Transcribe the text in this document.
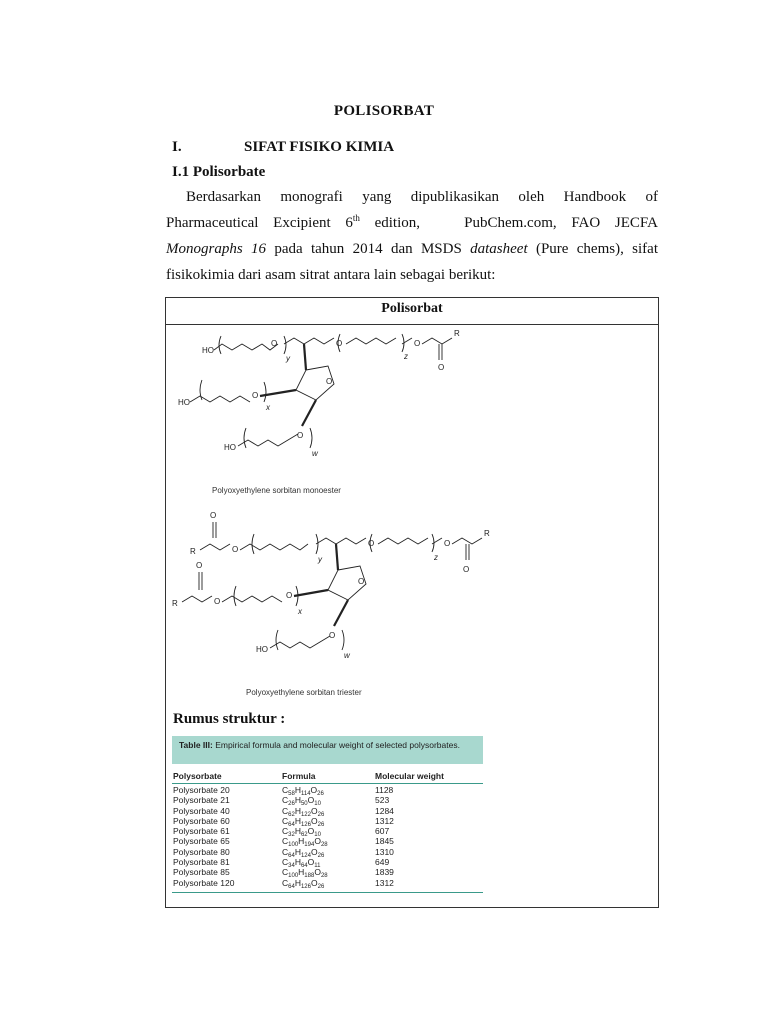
POLISORBAT
I.	SIFAT FISIKO KIMIA
I.1 Polisorbate
Berdasarkan monografi yang dipublikasikan oleh Handbook of
Pharmaceutical Excipient 6th edition,   PubChem.com, FAO JECFA
Monographs 16 pada tahun 2014 dan MSDS datasheet (Pure chems), sifat
fisikokimia dari asam sitrat antara lain sebagai berikut:
Polisorbat
HO
O
y
O
z
O
R
O
O
HO
O
x
O
HO
w
O
R	O
y
O
z
O
R
O
O
O
R	O
O
x
O
HO
w
Polyoxyethylene sorbitan monoester
Polyoxyethylene sorbitan triester
Rumus struktur :
Table III: Empirical formula and molecular weight of selected polysorbates.
Polysorbate	Formula	Molecular weight
Polysorbate 20	$C_{58}H_{114}O_{26}$	1128
Polysorbate 21	$C_{26}H_{50}O_{10}$	523
Polysorbate 40	$C_{62}H_{122}O_{26}$	1284
Polysorbate 60	$C_{64}H_{126}O_{26}$	1312
Polysorbate 61	$C_{32}H_{62}O_{10}$	607
Polysorbate 65	$C_{100}H_{194}O_{28}$	1845
Polysorbate 80	$C_{64}H_{124}O_{26}$	1310
Polysorbate 81	$C_{34}H_{64}O_{11}$	649
Polysorbate 85	$C_{100}H_{188}O_{28}$	1839
Polysorbate 120	$C_{64}H_{126}O_{26}$	1312
